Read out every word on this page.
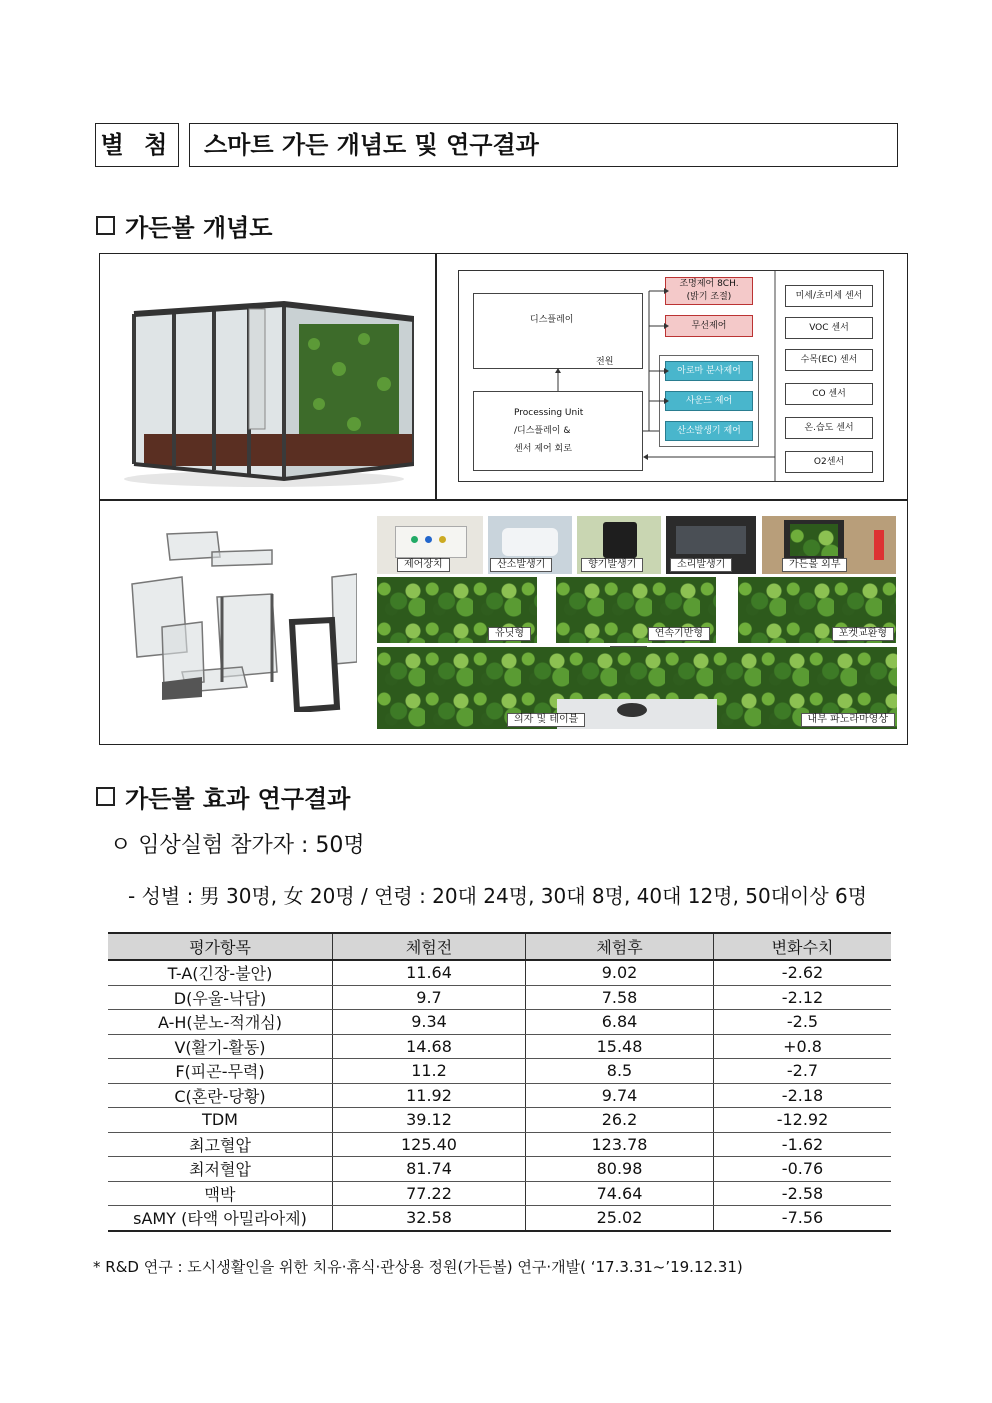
별 첨	스마트 가든 개념도 및 연구결과
가든볼 개념도
디스플레이
전원
Processing Unit
/디스플레이 &
센서 제어 회로
조명제어 8CH.
(밝기 조절)
무선제어
아로마 분사제어
사운드 제어
산소발생기 제어
미세/초미세 센서
VOC 센서
수목(EC) 센서
CO 센서
온.습도 센서
O2센서
제어장치	산소발생기	향기발생기	소리발생기	가든볼 외부
유닛형	연속기반형	포켓교환형
의자 및 테이블	내부 파노라마영상
가든볼 효과 연구결과
ㅇ 임상실험 참가자 : 50명
- 성별 : 男 30명, 女 20명 / 연령 : 20대 24명, 30대 8명, 40대 12명, 50대이상 6명
평가항목	체험전	체험후	변화수치
T-A(긴장-불안)	11.64	9.02	-2.62
D(우울-낙담)	9.7	7.58	-2.12
A-H(분노-적개심)	9.34	6.84	-2.5
V(활기-활동)	14.68	15.48	+0.8
F(피곤-무력)	11.2	8.5	-2.7
C(혼란-당황)	11.92	9.74	-2.18
TDM	39.12	26.2	-12.92
최고혈압	125.40	123.78	-1.62
최저혈압	81.74	80.98	-0.76
맥박	77.22	74.64	-2.58
sAMY (타액 아밀라아제)	32.58	25.02	-7.56
* R&D 연구 : 도시생활인을 위한 치유·휴식·관상용 정원(가든볼) 연구·개발( ‘17.3.31~’19.12.31)
